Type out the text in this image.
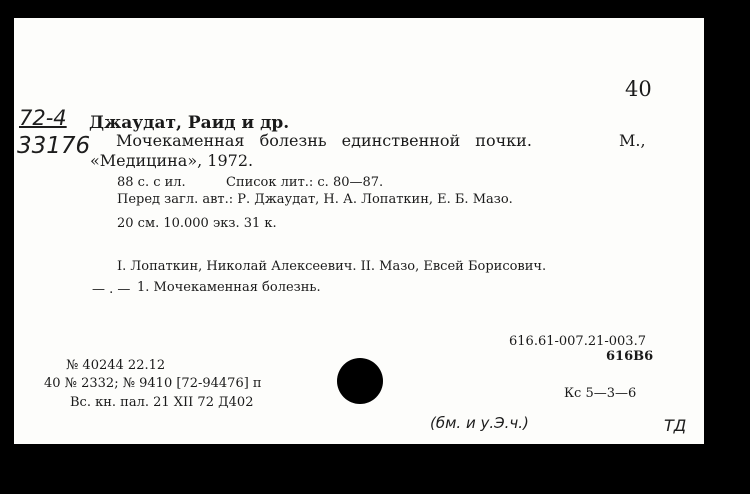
72-4
33176
40
Джаудат, Раид и др.
Мочекаменная болезнь единственной почки.	М.,
«Медицина», 1972.
88 с. с ил.	Список лит.: с. 80—87.
Перед загл. авт.: Р. Джаудат, Н. А. Лопаткин, Е. Б. Мазо.
20 см. 10.000 экз. 31 к.
I. Лопаткин, Николай Алексеевич. II. Мазо, Евсей Борисович.
— . — 1. Мочекаменная болезнь.
616.61-007.21-003.7
616В6
№ 40244 22.12
40 № 2332; № 9410 [72-94476] п
Вс. кн. пал. 21 XII 72 Д402
Кс 5—3—6
(бм. и у.Э.ч.)	ТД
